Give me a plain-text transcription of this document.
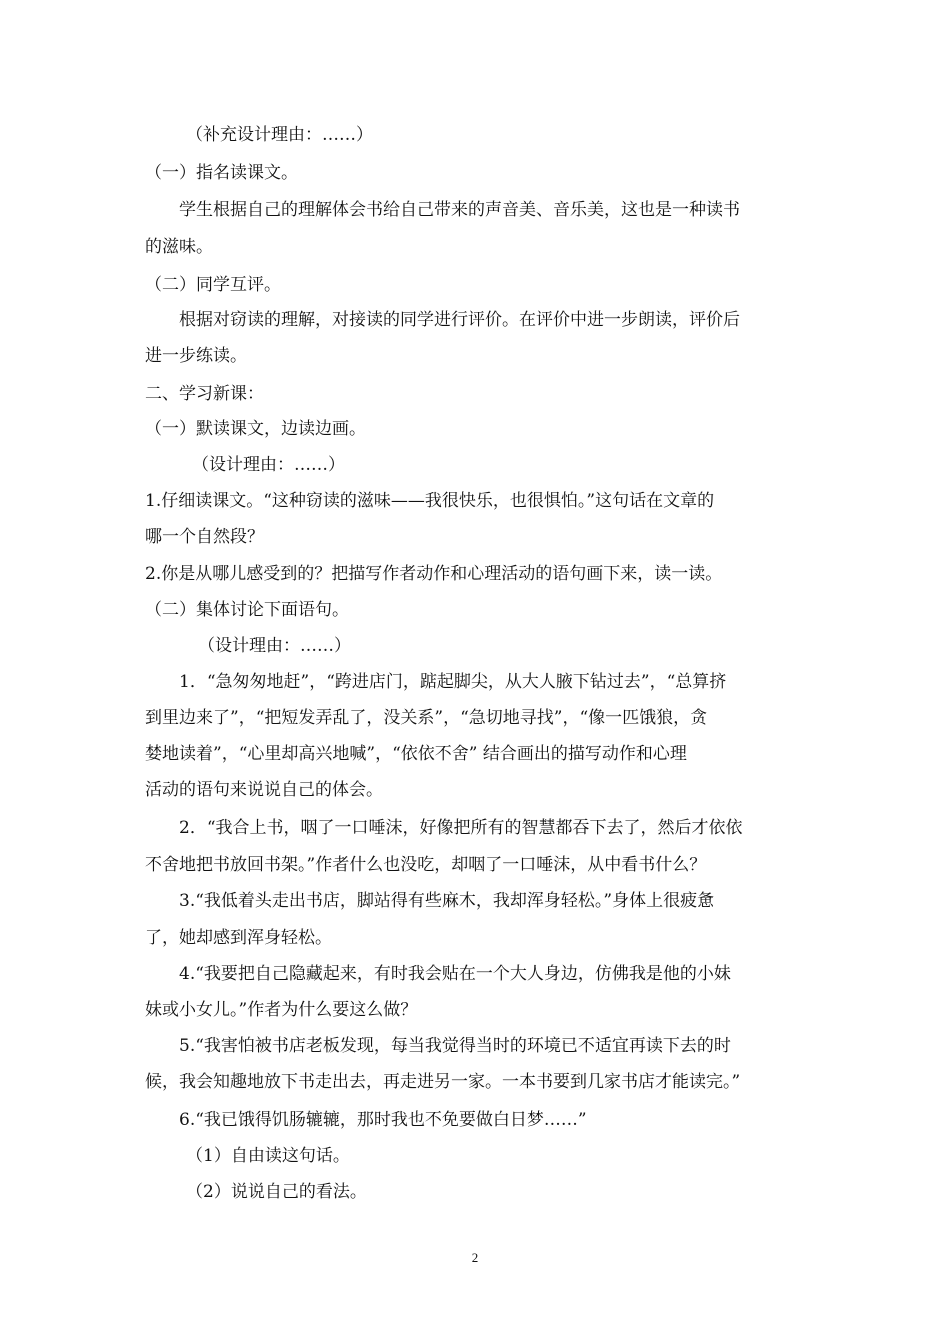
（补充设计理由：……）
（一）指名读课文。
学生根据自己的理解体会书给自己带来的声音美、音乐美，这也是一种读书
的滋味。
（二）同学互评。
根据对窃读的理解，对接读的同学进行评价。在评价中进一步朗读，评价后
进一步练读。
二、学习新课：
（一）默读课文，边读边画。
（设计理由：……）
1.仔细读课文。“这种窃读的滋味——我很快乐，也很惧怕。”这句话在文章的
哪一个自然段？
2.你是从哪儿感受到的？把描写作者动作和心理活动的语句画下来，读一读。
（二）集体讨论下面语句。
（设计理由：……）
1．“急匆匆地赶”，“跨进店门，踮起脚尖，从大人腋下钻过去”，“总算挤
到里边来了”，“把短发弄乱了，没关系”，“急切地寻找”，“像一匹饿狼，贪
婪地读着”，“心里却高兴地喊”，“依依不舍” 结合画出的描写动作和心理
活动的语句来说说自己的体会。
2．“我合上书，咽了一口唾沫，好像把所有的智慧都吞下去了，然后才依依
不舍地把书放回书架。”作者什么也没吃，却咽了一口唾沫，从中看书什么？
3.“我低着头走出书店，脚站得有些麻木，我却浑身轻松。”身体上很疲惫
了，她却感到浑身轻松。
4.“我要把自己隐藏起来，有时我会贴在一个大人身边，仿佛我是他的小妹
妹或小女儿。”作者为什么要这么做？
5.“我害怕被书店老板发现，每当我觉得当时的环境已不适宜再读下去的时
候，我会知趣地放下书走出去，再走进另一家。一本书要到几家书店才能读完。”
6.“我已饿得饥肠辘辘，那时我也不免要做白日梦……”
（1）自由读这句话。
（2）说说自己的看法。
2
